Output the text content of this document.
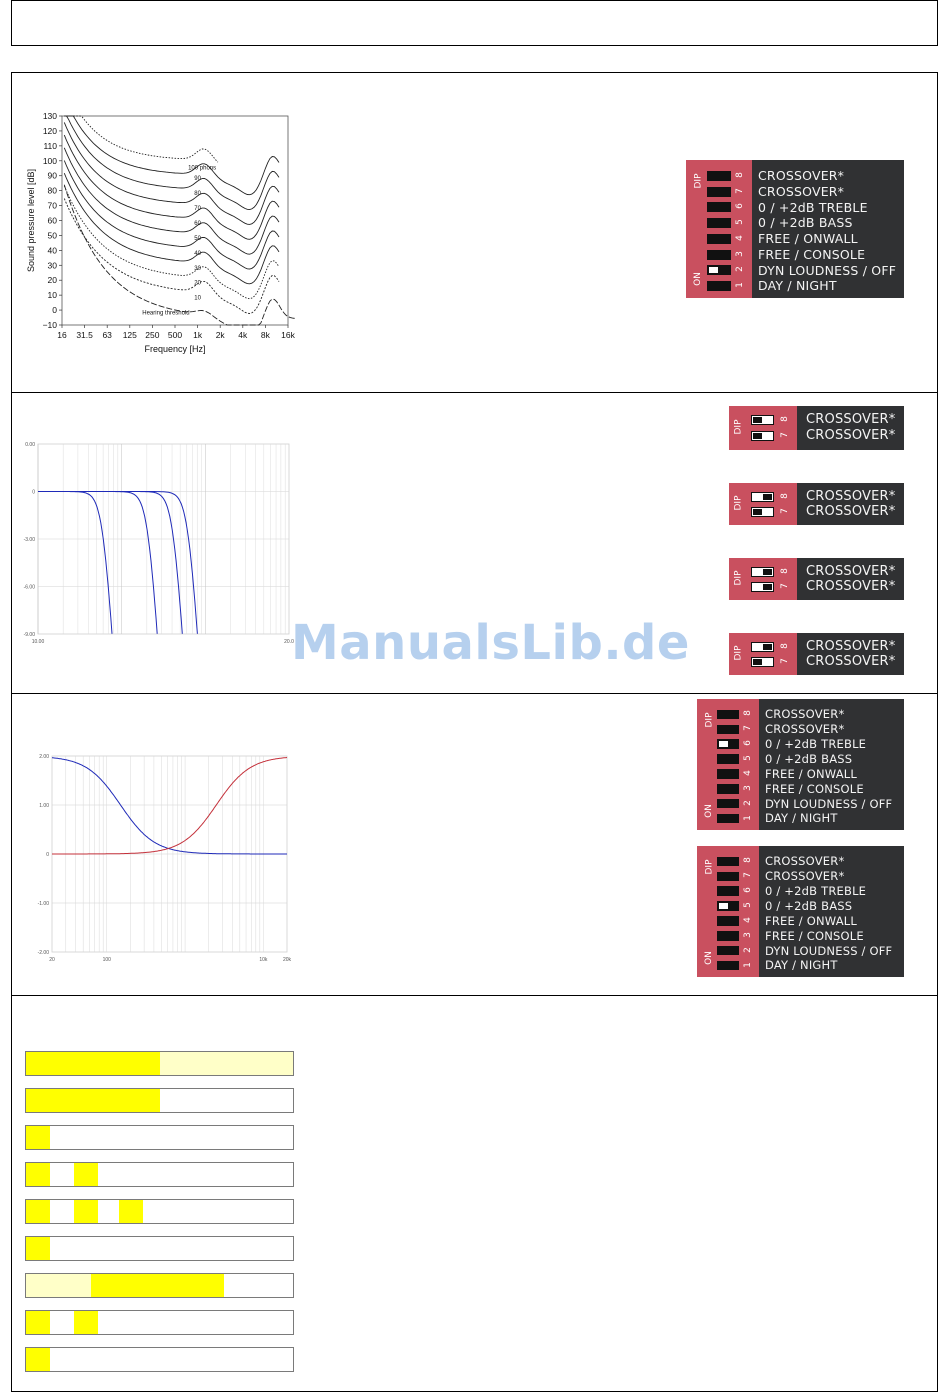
130
120
110
100
90
80
70
60
50
40
30
20
10
0
−10
16 31.5 63 125 250 500 1k 2k 4k 8k 16k
Frequency [Hz]
Sound pressure level [dB]
100 phons
90
80
70
60
50
40
30
20
10
Hearing threshold
DIP
ON
8 CROSSOVER*
7 CROSSOVER*
6 0 / +2dB TREBLE
5 0 / +2dB BASS
4 FREE / ONWALL
3 FREE / CONSOLE
2 DYN LOUDNESS / OFF
1 DAY / NIGHT
0.00
0
-3.00
-6.00
-9.00
10.00	20.0
DIP
8 CROSSOVER*
7 CROSSOVER*
DIP	8 CROSSOVER*
7 CROSSOVER*
DIP	8 CROSSOVER*
7 CROSSOVER*
DIP	8 CROSSOVER*
7 CROSSOVER*
2.00
1.00
0
-1.00
-2.00
20	100	10k	20k
DIP
ON
8 CROSSOVER*
7 CROSSOVER*
6 0 / +2dB TREBLE
5 0 / +2dB BASS
4 FREE / ONWALL
3 FREE / CONSOLE
2 DYN LOUDNESS / OFF
1 DAY / NIGHT
DIP
ON
8 CROSSOVER*
7 CROSSOVER*
6 0 / +2dB TREBLE
5 0 / +2dB BASS
4 FREE / ONWALL
3 FREE / CONSOLE
2 DYN LOUDNESS / OFF
1 DAY / NIGHT
ManualsLib.de
